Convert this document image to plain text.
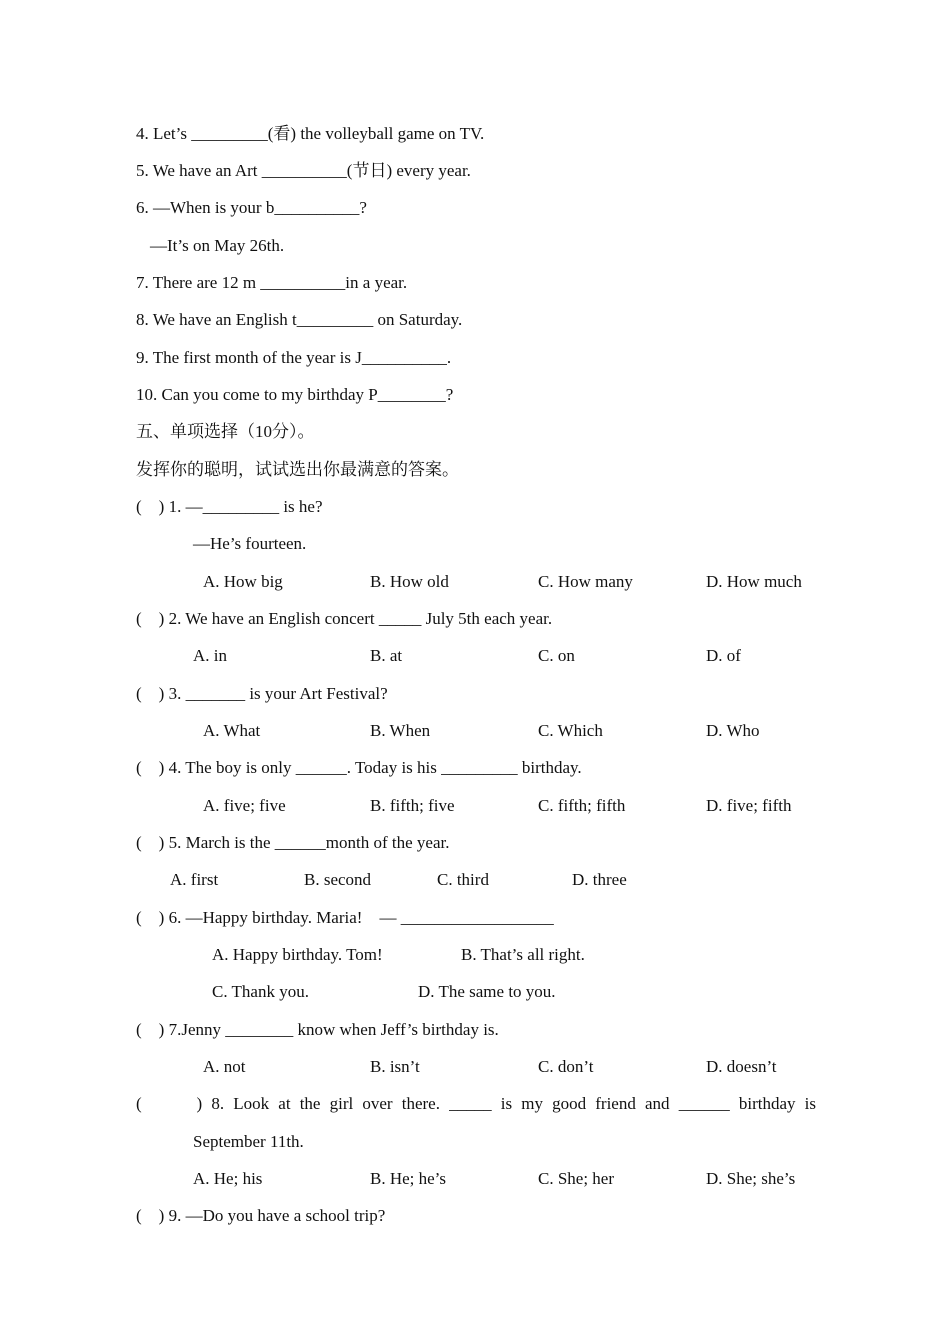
4. Let’s _________(看) the volleyball game on TV.
5. We have an Art __________(节日) every year.
6. —When is your b__________?
—It’s on May 26th.
7. There are 12 m __________in a year.
8. We have an English t_________ on Saturday.
9. The first month of the year is J__________.
10. Can you come to my birthday P________?
五、单项选择（10分）。
发挥你的聪明，试试选出你最满意的答案。
(    ) 1. —_________ is he?
—He’s fourteen.
A. How big	B. How old	C. How many	D. How much
(    ) 2. We have an English concert _____ July 5th each year.
A. in	B. at	C. on	D. of
(    ) 3. _______ is your Art Festival?
A. What	B. When	C. Which	D. Who
(    ) 4. The boy is only ______. Today is his _________ birthday.
A. five; five	B. fifth; five	C. fifth; fifth	D. five; fifth
(    ) 5. March is the ______month of the year.
A. first	B. second	C. third	D. three
(    ) 6. —Happy birthday. Maria!    — __________________
A. Happy birthday. Tom!	B. That’s all right.
C. Thank you.	D. The same to you.
(    ) 7.Jenny ________ know when Jeff’s birthday is.
A. not	B. isn’t	C. don’t	D. doesn’t
(      ) 8. Look at the girl over there. _____ is my good friend and ______ birthday is
September 11th.
A. He; his	B. He; he’s	C. She; her	D. She; she’s
(    ) 9. —Do you have a school trip?
